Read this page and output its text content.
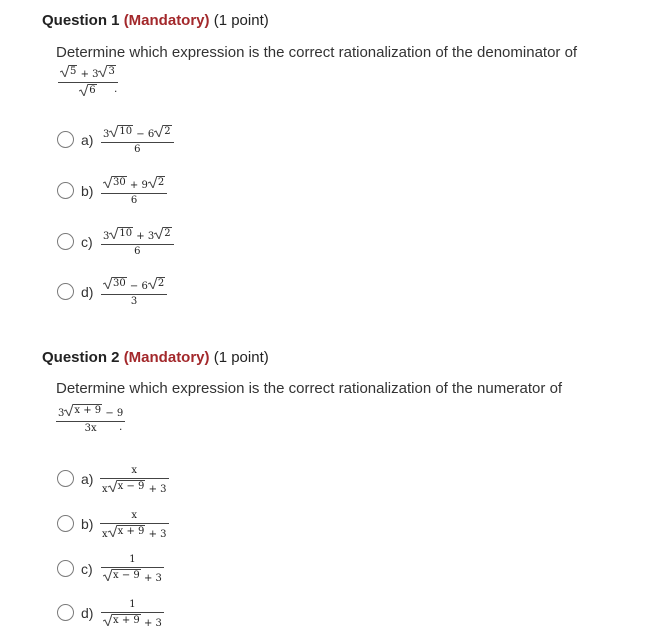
Question 1 (Mandatory) (1 point)
Determine which expression is the correct rationalization of the denominator of
5 + 3 3
6 .
a) 3 10 − 6 2
6
b) 30 + 9 2
6
c) 3 10 + 3 2
6
d) 30 − 6 2
3
Question 2 (Mandatory) (1 point)
Determine which expression is the correct rationalization of the numerator of
3 x + 9 − 9
3x .
a)	x
x x − 9 + 3
b)	x
x x + 9 + 3
c)
1
x − 9 + 3
d)	1
x + 9 + 3
